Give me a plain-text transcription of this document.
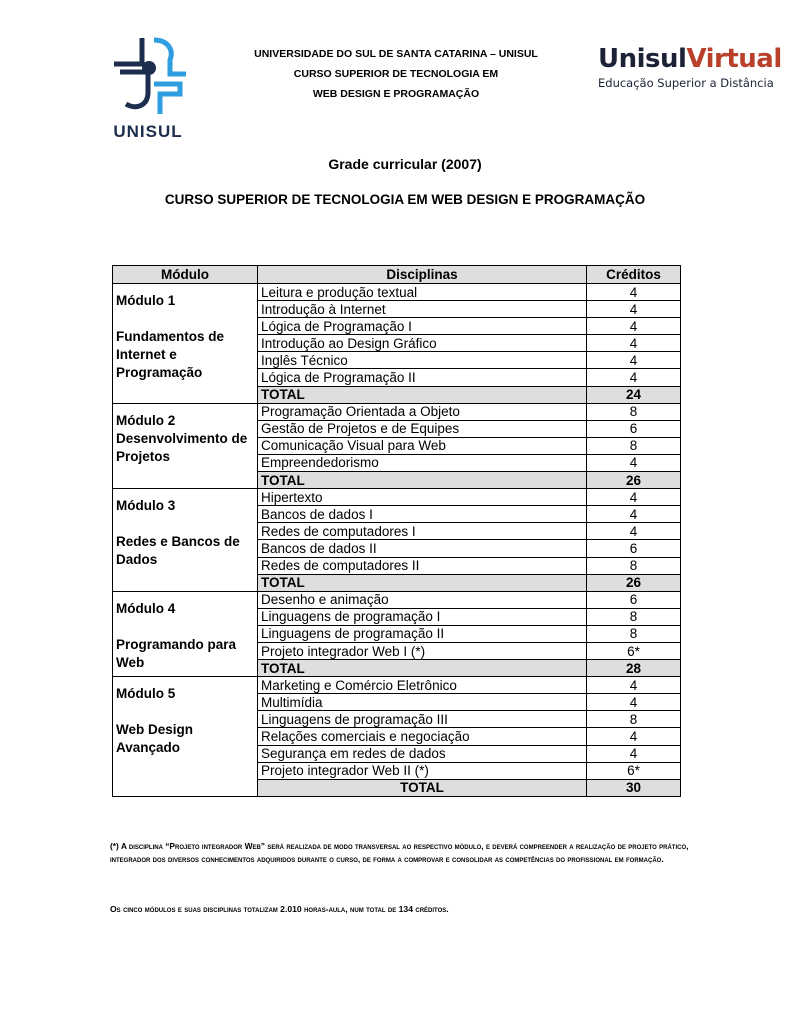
UNISUL
UNIVERSIDADE DO SUL DE SANTA CATARINA – UNISUL
CURSO SUPERIOR DE TECNOLOGIA EM
WEB DESIGN E PROGRAMAÇÃO
UnisulVirtual
Educação Superior a Distância
Grade curricular (2007)
CURSO SUPERIOR DE TECNOLOGIA EM WEB DESIGN E PROGRAMAÇÃO
Módulo	Disciplinas	Créditos

Módulo 1
Fundamentos de Internet e Programação	Leitura e produção textual	4
	Introdução à Internet	4
	Lógica de Programação I	4
	Introdução ao Design Gráfico	4
	Inglês Técnico	4
	Lógica de Programação II	4
	TOTAL	24

Módulo 2
Desenvolvimento de Projetos	Programação Orientada a Objeto	8
	Gestão de Projetos e de Equipes	6
	Comunicação Visual para Web	8
	Empreendedorismo	4
	TOTAL	26

Módulo 3
Redes e Bancos de Dados	Hipertexto	4
	Bancos de dados I	4
	Redes de computadores I	4
	Bancos de dados II	6
	Redes de computadores II	8
	TOTAL	26

Módulo 4
Programando para Web	Desenho e animação	6
	Linguagens de programação I	8
	Linguagens de programação II	8
	Projeto integrador Web I (*)	6*
	TOTAL	28

Módulo 5
Web Design Avançado	Marketing e Comércio Eletrônico	4
	Multimídia	4
	Linguagens de programação III	8
	Relações comerciais e negociação	4
	Segurança em redes de dados	4
	Projeto integrador Web II (*)	6*
	TOTAL	30
(*) A disciplina “Projeto integrador Web” será realizada de modo transversal ao respectivo módulo, e deverá compreender a realização de projeto prático, integrador dos diversos conhecimentos adquiridos durante o curso, de forma a comprovar e consolidar as competências do profissional em formação.
Os cinco módulos e suas disciplinas totalizam 2.010 horas-aula, num total de 134 créditos.
